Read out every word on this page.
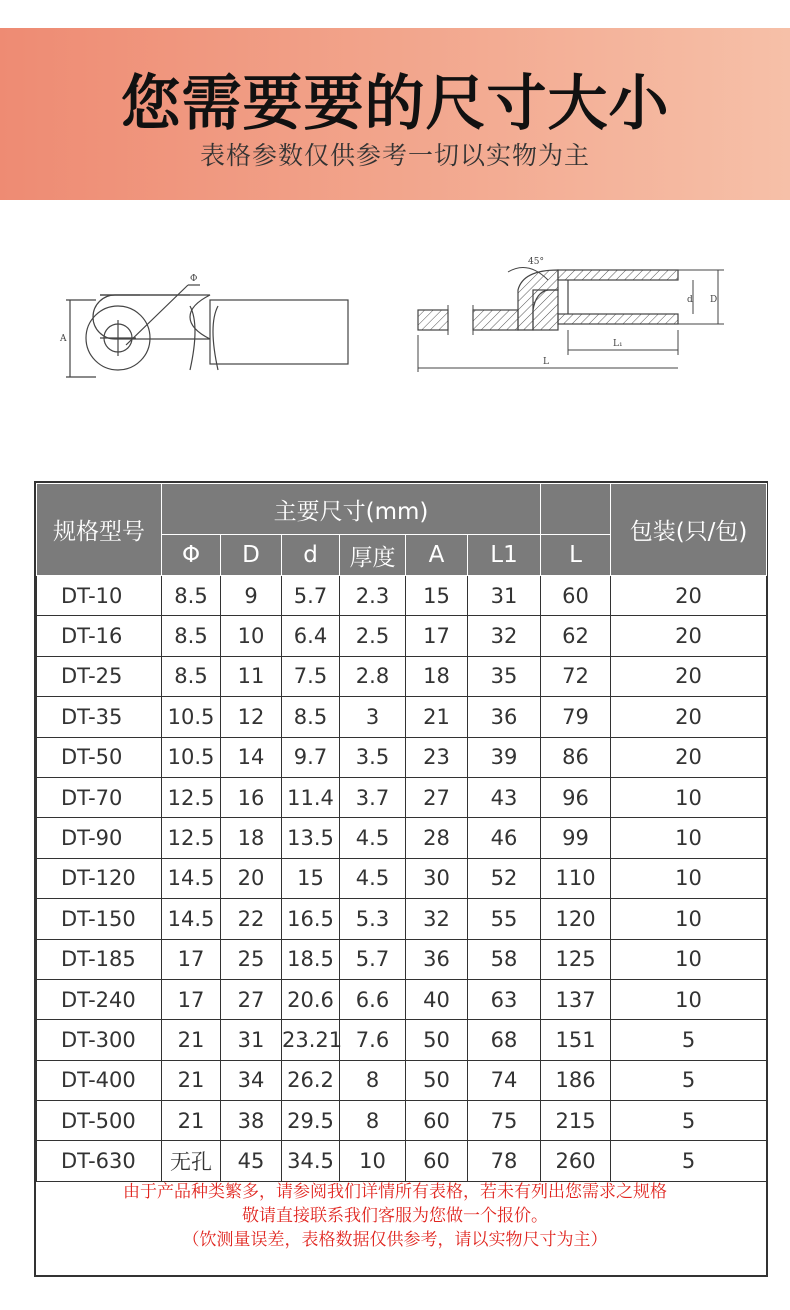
您需要要的尺寸大小
表格参数仅供参考一切以实物为主
Φ
A
45°
d D
L₁
L
规格型号	主要尺寸(mm)							包装(只/包)
	Φ	D	d	厚度	A	L1	L	
DT-10	8.5	9	5.7	2.3	15	31	60	20
DT-16	8.5	10	6.4	2.5	17	32	62	20
DT-25	8.5	11	7.5	2.8	18	35	72	20
DT-35	10.5	12	8.5	3	21	36	79	20
DT-50	10.5	14	9.7	3.5	23	39	86	20
DT-70	12.5	16	11.4	3.7	27	43	96	10
DT-90	12.5	18	13.5	4.5	28	46	99	10
DT-120	14.5	20	15	4.5	30	52	110	10
DT-150	14.5	22	16.5	5.3	32	55	120	10
DT-185	17	25	18.5	5.7	36	58	125	10
DT-240	17	27	20.6	6.6	40	63	137	10
DT-300	21	31	23.21	7.6	50	68	151	5
DT-400	21	34	26.2	8	50	74	186	5
DT-500	21	38	29.5	8	60	75	215	5
DT-630	无孔	45	34.5	10	60	78	260	5
由于产品种类繁多，请参阅我们详情所有表格，若未有列出您需求之规格
敬请直接联系我们客服为您做一个报价。
（饮测量误差，表格数据仅供参考，请以实物尺寸为主）
